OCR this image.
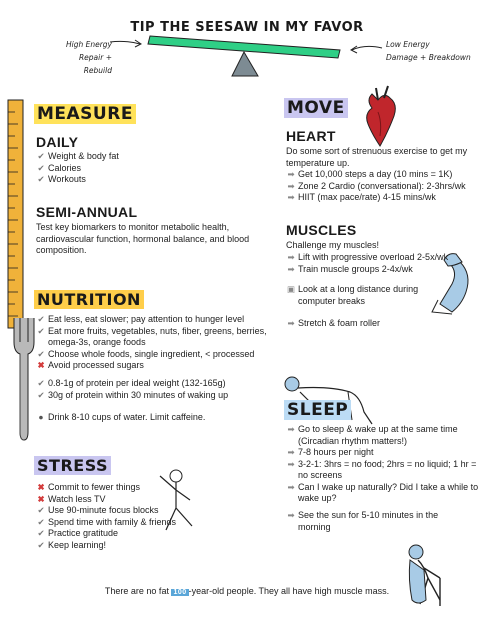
TIP THE SEESAW IN MY FAVOR
High Energy
Repair + Rebuild
Low Energy
Damage + Breakdown
MEASURE
DAILY
✔ Weight & body fat
✔ Calories
✔ Workouts
SEMI-ANNUAL
Test key biomarkers to monitor metabolic health, cardiovascular function, hormonal balance, and blood composition.
NUTRITION
✔ Eat less, eat slower; pay attention to hunger level
✔ Eat more fruits, vegetables, nuts, fiber, greens, berries, omega-3s, orange foods
✔ Choose whole foods, single ingredient, < processed
✖ Avoid processed sugars
✔ 0.8-1g of protein per ideal weight (132-165g)
✔ 30g of protein within 30 minutes of waking up
● Drink 8-10 cups of water. Limit caffeine.
STRESS
✖ Commit to fewer things
✖ Watch less TV
✔ Use 90-minute focus blocks
✔ Spend time with family & friends
✔ Practice gratitude
✔ Keep learning!
MOVE
HEART
Do some sort of strenuous exercise to get my temperature up.
➡ Get 10,000 steps a day (10 mins = 1K)
➡ Zone 2 Cardio (conversational): 2-3hrs/wk
➡ HIIT (max pace/rate) 4-15 mins/wk
MUSCLES
Challenge my muscles!
➡ Lift with progressive overload 2-5x/wk
➡ Train muscle groups 2-4x/wk
▣ Look at a long distance during computer breaks
➡ Stretch & foam roller
SLEEP
➡ Go to sleep & wake up at the same time (Circadian rhythm matters!)
➡ 7-8 hours per night
➡ 3-2-1: 3hrs = no food; 2hrs = no liquid; 1 hr = no screens
➡ Can I wake up naturally? Did I take a while to wake up?
➡ See the sun for 5-10 minutes in the morning
There are no fat 100 -year-old people. They all have high muscle mass.
